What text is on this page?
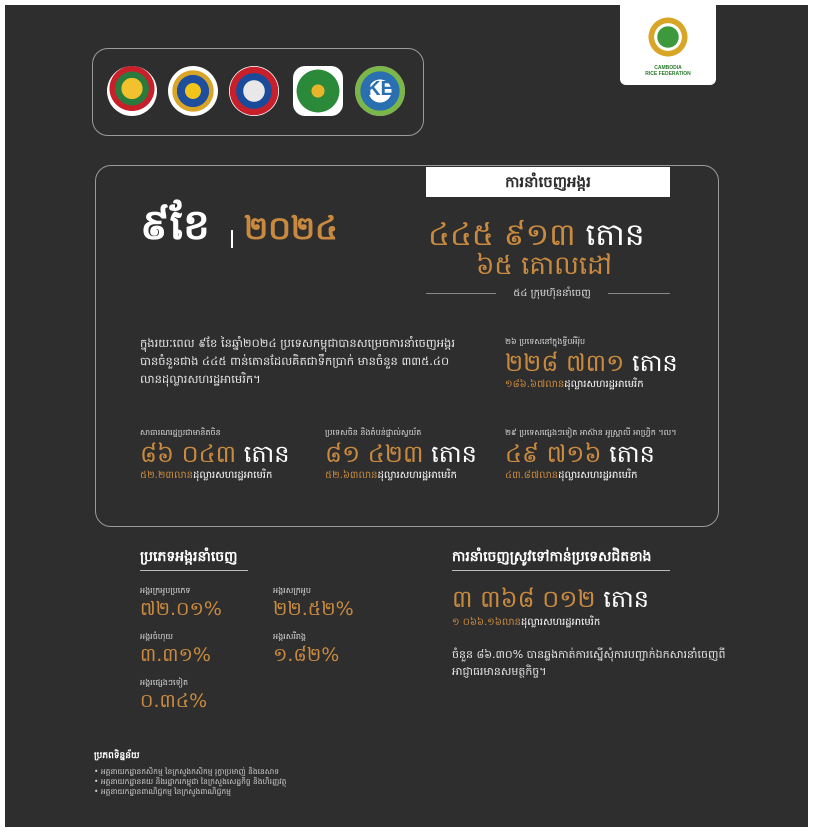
KE
CAMBODIA
RICE FEDERATION
ការនាំចេញអង្ករ
៩ខែ ២០២៤	៤៤៥ ៩១៣ តោន
៦៥ គោលដៅ
៥៤ ក្រុមហ៊ុននាំចេញ
ក្នុងរយៈពេល ៩ខែ នៃឆ្នាំ២០២៤ ប្រទេសកម្ពុជាបានសម្រេចការនាំចេញអង្ករបានចំនួនជាង ៤៤៥ ពាន់តោនដែលគិតជាទឹកប្រាក់ មានចំនួន ៣៣៥.៤០ លានដុល្លារសហរដ្ឋអាមេរិក។
២៦ ប្រទេសនៅក្នុងទ្វីបអឺរ៉ុប
២២៨ ៧៣១ តោន
១៨៦.៦៧លានដុល្លារសហរដ្ឋអាមេរិក
សាធារណរដ្ឋប្រជាមានិតចិន
៨៦ ០៤៣ តោន
៥២.២៣លានដុល្លារសហរដ្ឋអាមេរិក
ប្រទេសចិន និងតំបន់ផ្ទាល់ស្វយ័ត
៨១ ៤២៣ តោន
៥២.៦៣លានដុល្លារសហរដ្ឋអាមេរិក
២៩ ប្រទេសផ្សេងៗទៀត អាស៊ាន អូស្ត្រាលី អាហ្វ្រិក ។ល។
៤៩ ៧១៦ តោន
៤៣.៨៧លានដុល្លារសហរដ្ឋអាមេរិក
ប្រភេទអង្ករនាំចេញ
អង្ករក្រអូបប្រភេទ
៧២.០១%
អង្ករសក្រអូប
២២.៥២%
អង្ករចំហុយ
៣.៣១%
អង្ករសរីរាង្គ
១.៨២%
អង្ករផ្សេងៗទៀត
០.៣៤%
ការនាំចេញស្រូវទៅកាន់ប្រទេសជិតខាង
៣ ៣៦៨ ០១២ តោន
១ ០៦៦.១៦លានដុល្លារសហរដ្ឋអាមេរិក
ចំនួន ៨៦.៣០% បានឆ្លងកាត់ការស្នើសុំការបញ្ជាក់ឯកសារនាំចេញពីអាជ្ញាធរមានសមត្ថកិច្ច។
ប្រភពទិន្នន័យ
• អគ្គនាយកដ្ឋានកសិកម្ម នៃក្រសួងកសិកម្ម រុក្ខាប្រមាញ់ និងនេសាទ
• អគ្គនាយកដ្ឋានគយ និងរដ្ឋាករកម្ពុជា នៃក្រសួងសេដ្ឋកិច្ច និងហិរញ្ញវត្ថុ
• អគ្គនាយកដ្ឋានពាណិជ្ជកម្ម នៃក្រសួងពាណិជ្ជកម្ម
